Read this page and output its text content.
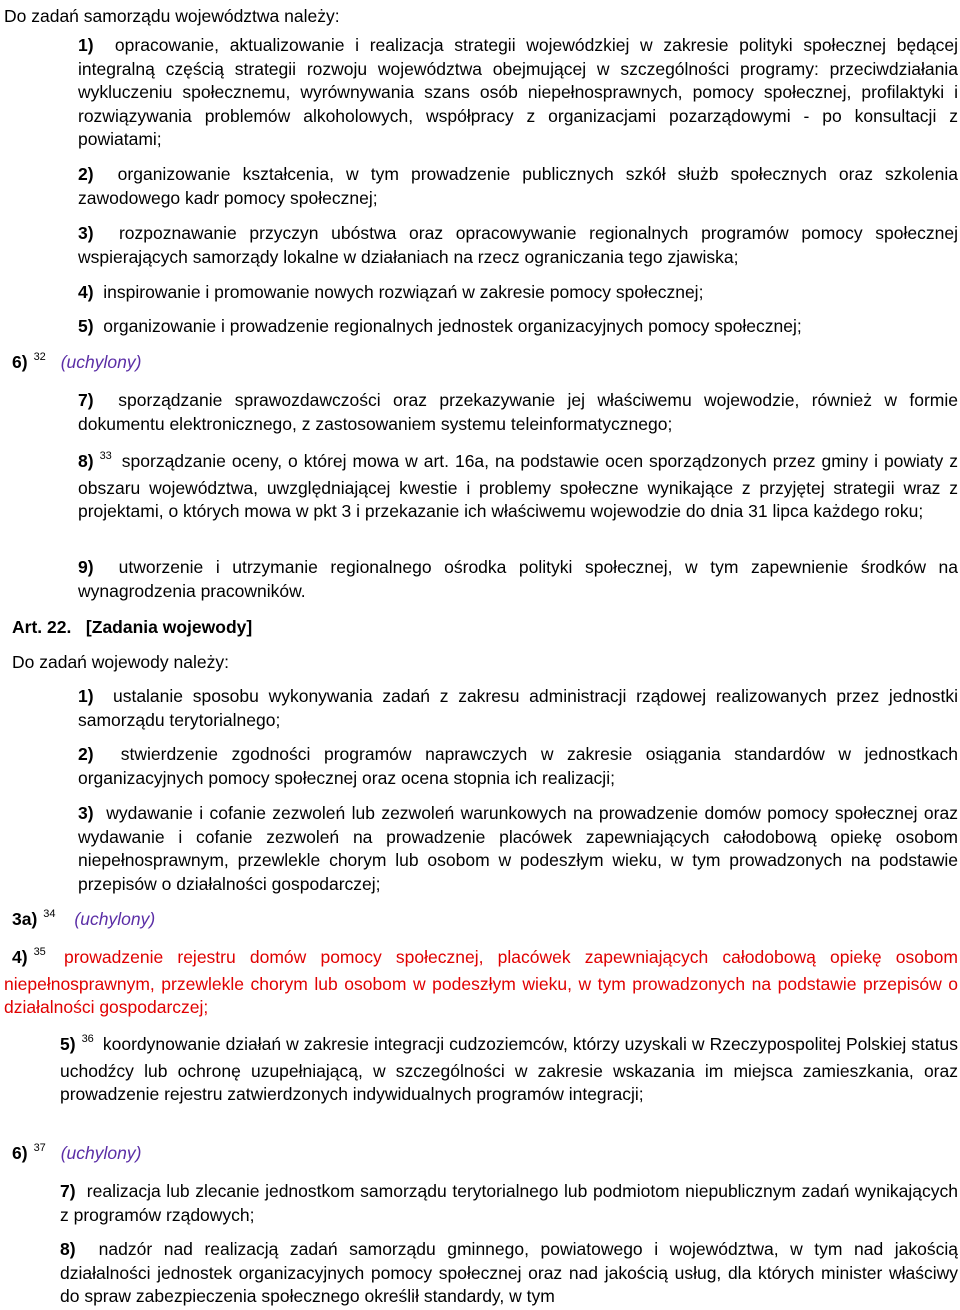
Do zadań samorządu województwa należy:
1) opracowanie, aktualizowanie i realizacja strategii wojewódzkiej w zakresie polityki społecznej będącej integralną częścią strategii rozwoju województwa obejmującej w szczególności programy: przeciwdziałania wykluczeniu społecznemu, wyrównywania szans osób niepełnosprawnych, pomocy społecznej, profilaktyki i rozwiązywania problemów alkoholowych, współpracy z organizacjami pozarządowymi - po konsultacji z powiatami;
2) organizowanie kształcenia, w tym prowadzenie publicznych szkół służb społecznych oraz szkolenia zawodowego kadr pomocy społecznej;
3) rozpoznawanie przyczyn ubóstwa oraz opracowywanie regionalnych programów pomocy społecznej wspierających samorządy lokalne w działaniach na rzecz ograniczania tego zjawiska;
4) inspirowanie i promowanie nowych rozwiązań w zakresie pomocy społecznej;
5) organizowanie i prowadzenie regionalnych jednostek organizacyjnych pomocy społecznej;
6) $^{32}$ (uchylony)
7) sporządzanie sprawozdawczości oraz przekazywanie jej właściwemu wojewodzie, również w formie dokumentu elektronicznego, z zastosowaniem systemu teleinformatycznego;
8) $^{33}$ sporządzanie oceny, o której mowa w art. 16a, na podstawie ocen sporządzonych przez gminy i powiaty z obszaru województwa, uwzględniającej kwestie i problemy społeczne wynikające z przyjętej strategii wraz z projektami, o których mowa w pkt 3 i przekazanie ich właściwemu wojewodzie do dnia 31 lipca każdego roku;
9) utworzenie i utrzymanie regionalnego ośrodka polityki społecznej, w tym zapewnienie środków na wynagrodzenia pracowników.
Art. 22. [Zadania wojewody]
Do zadań wojewody należy:
1) ustalanie sposobu wykonywania zadań z zakresu administracji rządowej realizowanych przez jednostki samorządu terytorialnego;
2) stwierdzenie zgodności programów naprawczych w zakresie osiągania standardów w jednostkach organizacyjnych pomocy społecznej oraz ocena stopnia ich realizacji;
3) wydawanie i cofanie zezwoleń lub zezwoleń warunkowych na prowadzenie domów pomocy społecznej oraz wydawanie i cofanie zezwoleń na prowadzenie placówek zapewniających całodobową opiekę osobom niepełnosprawnym, przewlekle chorym lub osobom w podeszłym wieku, w tym prowadzonych na podstawie przepisów o działalności gospodarczej;
3a) $^{34}$ (uchylony)
4) $^{35}$ prowadzenie rejestru domów pomocy społecznej, placówek zapewniających całodobową opiekę osobom niepełnosprawnym, przewlekle chorym lub osobom w podeszłym wieku, w tym prowadzonych na podstawie przepisów o działalności gospodarczej;
5) $^{36}$ koordynowanie działań w zakresie integracji cudzoziemców, którzy uzyskali w Rzeczypospolitej Polskiej status uchodźcy lub ochronę uzupełniającą, w szczególności w zakresie wskazania im miejsca zamieszkania, oraz prowadzenie rejestru zatwierdzonych indywidualnych programów integracji;
6) $^{37}$ (uchylony)
7) realizacja lub zlecanie jednostkom samorządu terytorialnego lub podmiotom niepublicznym zadań wynikających z programów rządowych;
8) nadzór nad realizacją zadań samorządu gminnego, powiatowego i województwa, w tym nad jakością działalności jednostek organizacyjnych pomocy społecznej oraz nad jakością usług, dla których minister właściwy do spraw zabezpieczenia społecznego określił standardy, w tym
